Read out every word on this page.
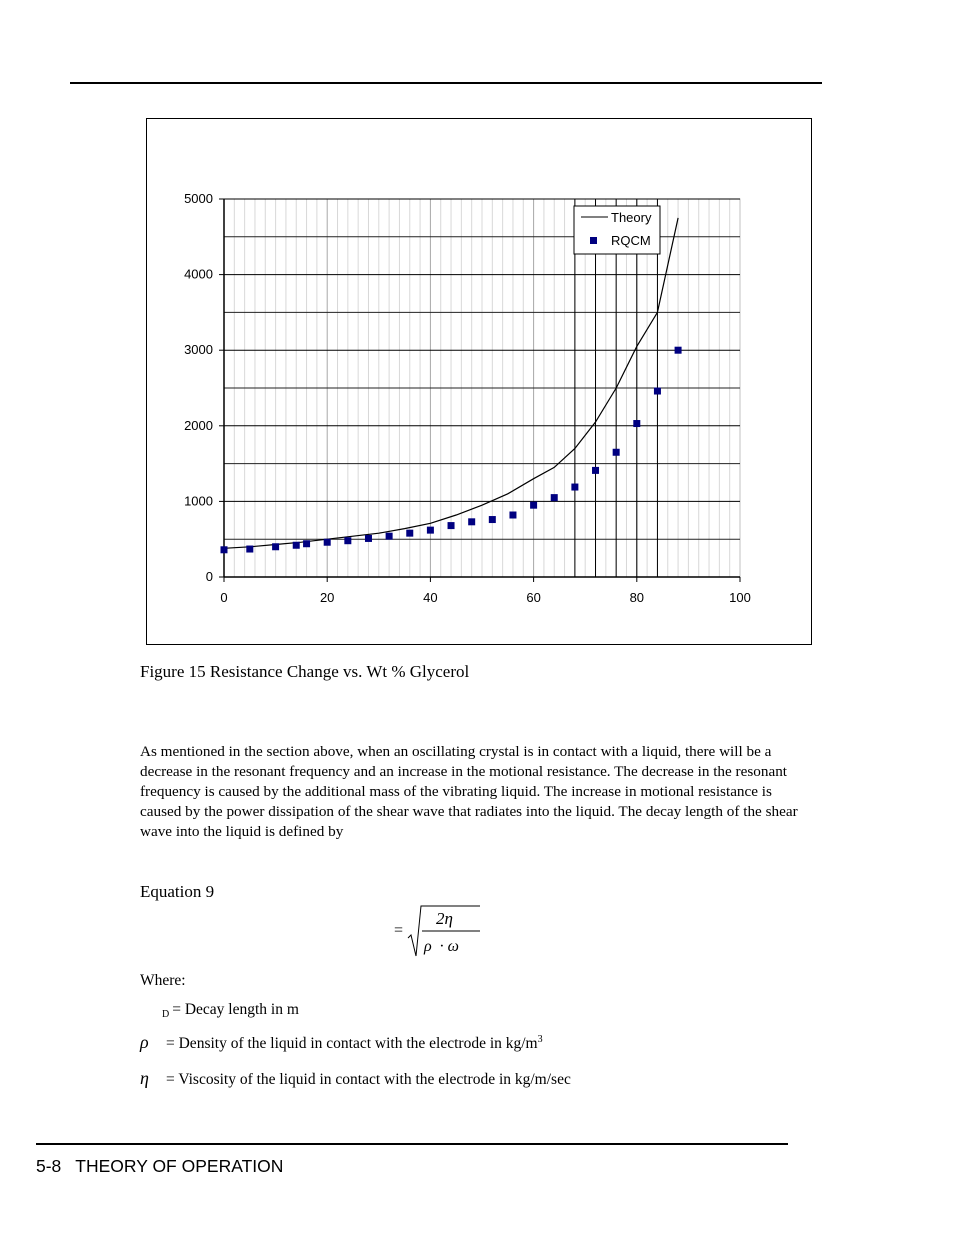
0
1000
2000
3000
4000
5000
0	20	40	60	80	100
Theory
RQCM
Figure 15 Resistance Change vs. Wt % Glycerol
As mentioned in the section above, when an oscillating crystal is in contact with a liquid, there will be a decrease in the resonant frequency and an increase in the motional resistance. The decrease in the resonant frequency is caused by the additional mass of the vibrating liquid. The increase in motional resistance is caused by the power dissipation of the shear wave that radiates into the liquid. The decay length of the shear wave into the liquid is defined by
Equation 9
=
2η
ρ  · ω
Where:
D = Decay length in m
ρ = Density of the liquid in contact with the electrode in $kg/m^3$
η = Viscosity of the liquid in contact with the electrode in kg/m/sec
5-8 THEORY OF OPERATION
